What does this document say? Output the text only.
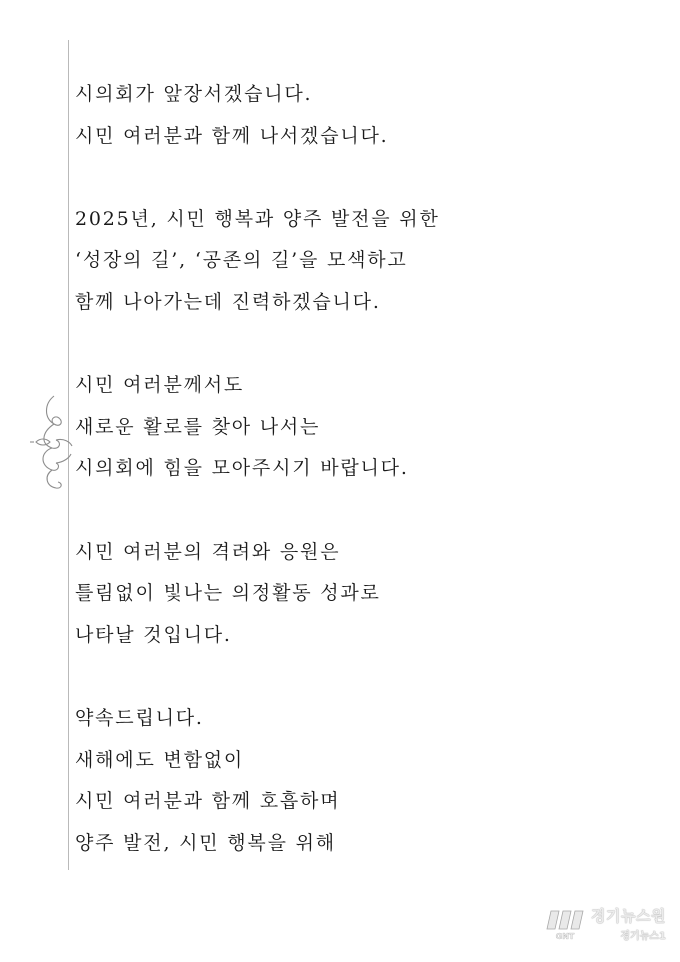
시의회가 앞장서겠습니다.
시민 여러분과 함께 나서겠습니다.
2025년, 시민 행복과 양주 발전을 위한
‘성장의 길’, ‘공존의 길’을 모색하고
함께 나아가는데 진력하겠습니다.
시민 여러분께서도
새로운 활로를 찾아 나서는
시의회에 힘을 모아주시기 바랍니다.
시민 여러분의 격려와 응원은
틀림없이 빛나는 의정활동 성과로
나타날 것입니다.
약속드립니다.
새해에도 변함없이
시민 여러분과 함께 호흡하며
양주 발전, 시민 행복을 위해
GNT
경기뉴스원
경기뉴스1
